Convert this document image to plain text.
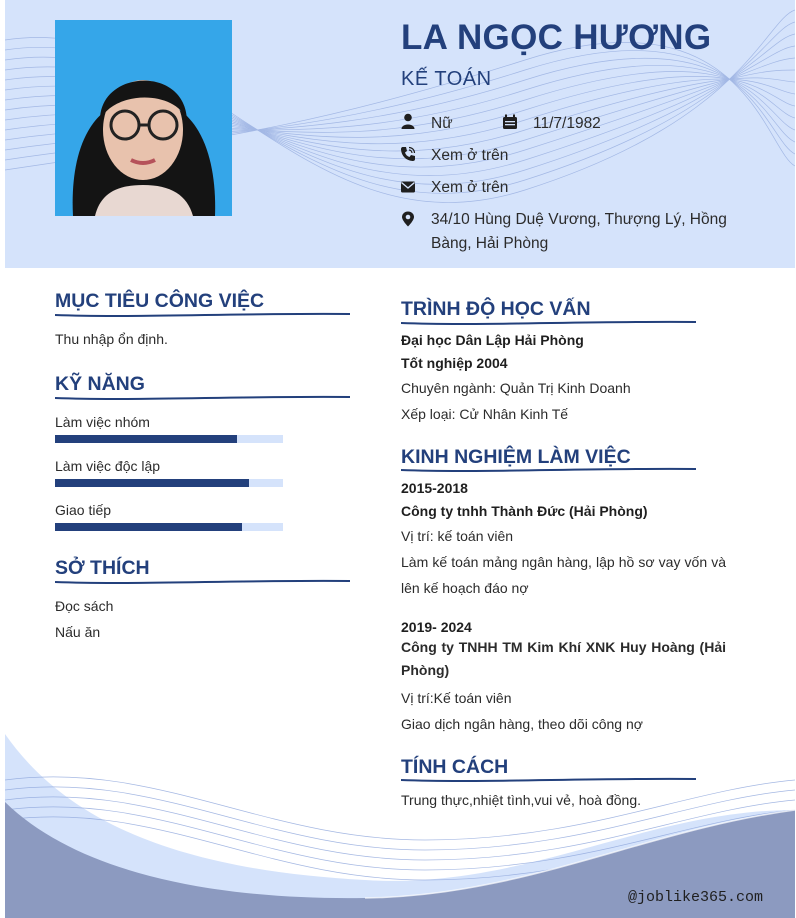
LA NGỌC HƯƠNG
KẾ TOÁN
Nữ	11/7/1982
Xem ở trên
Xem ở trên
34/10 Hùng Duệ Vương, Thượng Lý, Hồng
Bàng, Hải Phòng
MỤC TIÊU CÔNG VIỆC
Thu nhập ổn định.
KỸ NĂNG
Làm việc nhóm
Làm việc độc lập
Giao tiếp
SỞ THÍCH
Đọc sách
Nấu ăn
TRÌNH ĐỘ HỌC VẤN
Đại học Dân Lập Hải Phòng
Tốt nghiệp 2004
Chuyên ngành: Quản Trị Kinh Doanh
Xếp loại: Cử Nhân Kinh Tế
KINH NGHIỆM LÀM VIỆC
2015-2018
Công ty tnhh Thành Đức (Hải Phòng)
Vị trí: kế toán viên
Làm kế toán mảng ngân hàng, lập hồ sơ vay vốn và lên kế hoạch đáo nợ
2019- 2024
Công ty TNHH TM Kim Khí XNK Huy Hoàng (Hải Phòng)
Vị trí:Kế toán viên
Giao dịch ngân hàng, theo dõi công nợ
TÍNH CÁCH
Trung thực,nhiệt tình,vui vẻ, hoà đồng.
@joblike365.com
